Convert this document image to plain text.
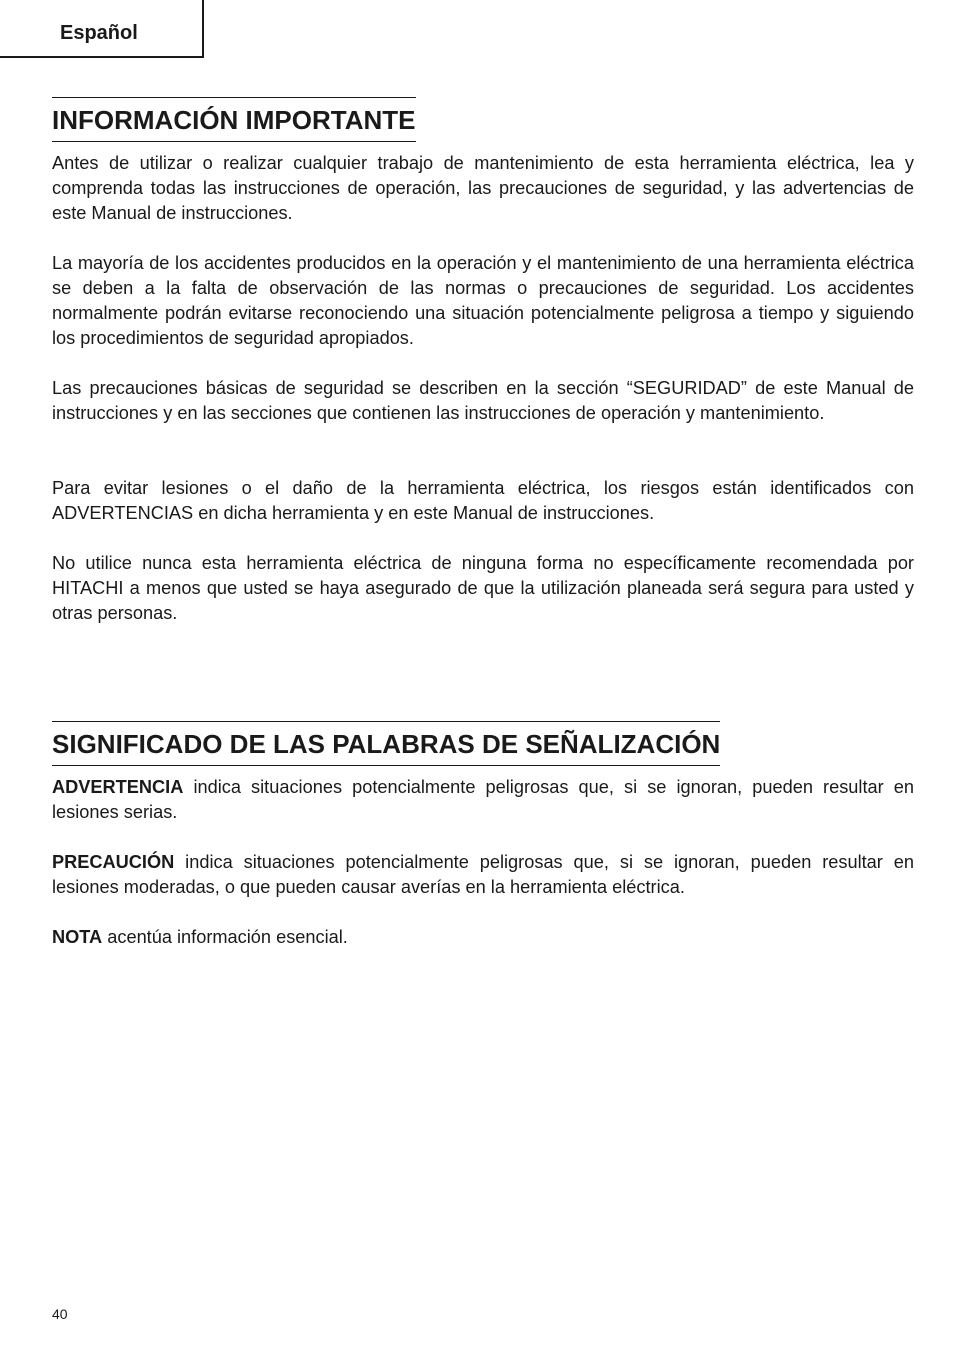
Español
INFORMACIÓN IMPORTANTE

Antes de utilizar o realizar cualquier trabajo de mantenimiento de esta herramienta eléctrica, lea y comprenda todas las instrucciones de operación, las precauciones de seguridad, y las advertencias de este Manual de instrucciones.

La mayoría de los accidentes producidos en la operación y el mantenimiento de una herramienta eléctrica se deben a la falta de observación de las normas o precauciones de seguridad. Los accidentes normalmente podrán evitarse reconociendo una situación potencialmente peligrosa a tiempo y siguiendo los procedimientos de seguridad apropiados.

Las precauciones básicas de seguridad se describen en la sección “SEGURIDAD” de este Manual de instrucciones y en las secciones que contienen las instrucciones de operación y mantenimiento.

Para evitar lesiones o el daño de la herramienta eléctrica, los riesgos están identificados con ADVERTENCIAS en dicha herramienta y en este Manual de instrucciones.

No utilice nunca esta herramienta eléctrica de ninguna forma no específicamente recomendada por HITACHI a menos que usted se haya asegurado de que la utilización planeada será segura para usted y otras personas.

SIGNIFICADO DE LAS PALABRAS DE SEÑALIZACIÓN

ADVERTENCIA indica situaciones potencialmente peligrosas que, si se ignoran, pueden resultar en lesiones serias.

PRECAUCIÓN indica situaciones potencialmente peligrosas que, si se ignoran, pueden resultar en lesiones moderadas, o que pueden causar averías en la herramienta eléctrica.

NOTA acentúa información esencial.

40
